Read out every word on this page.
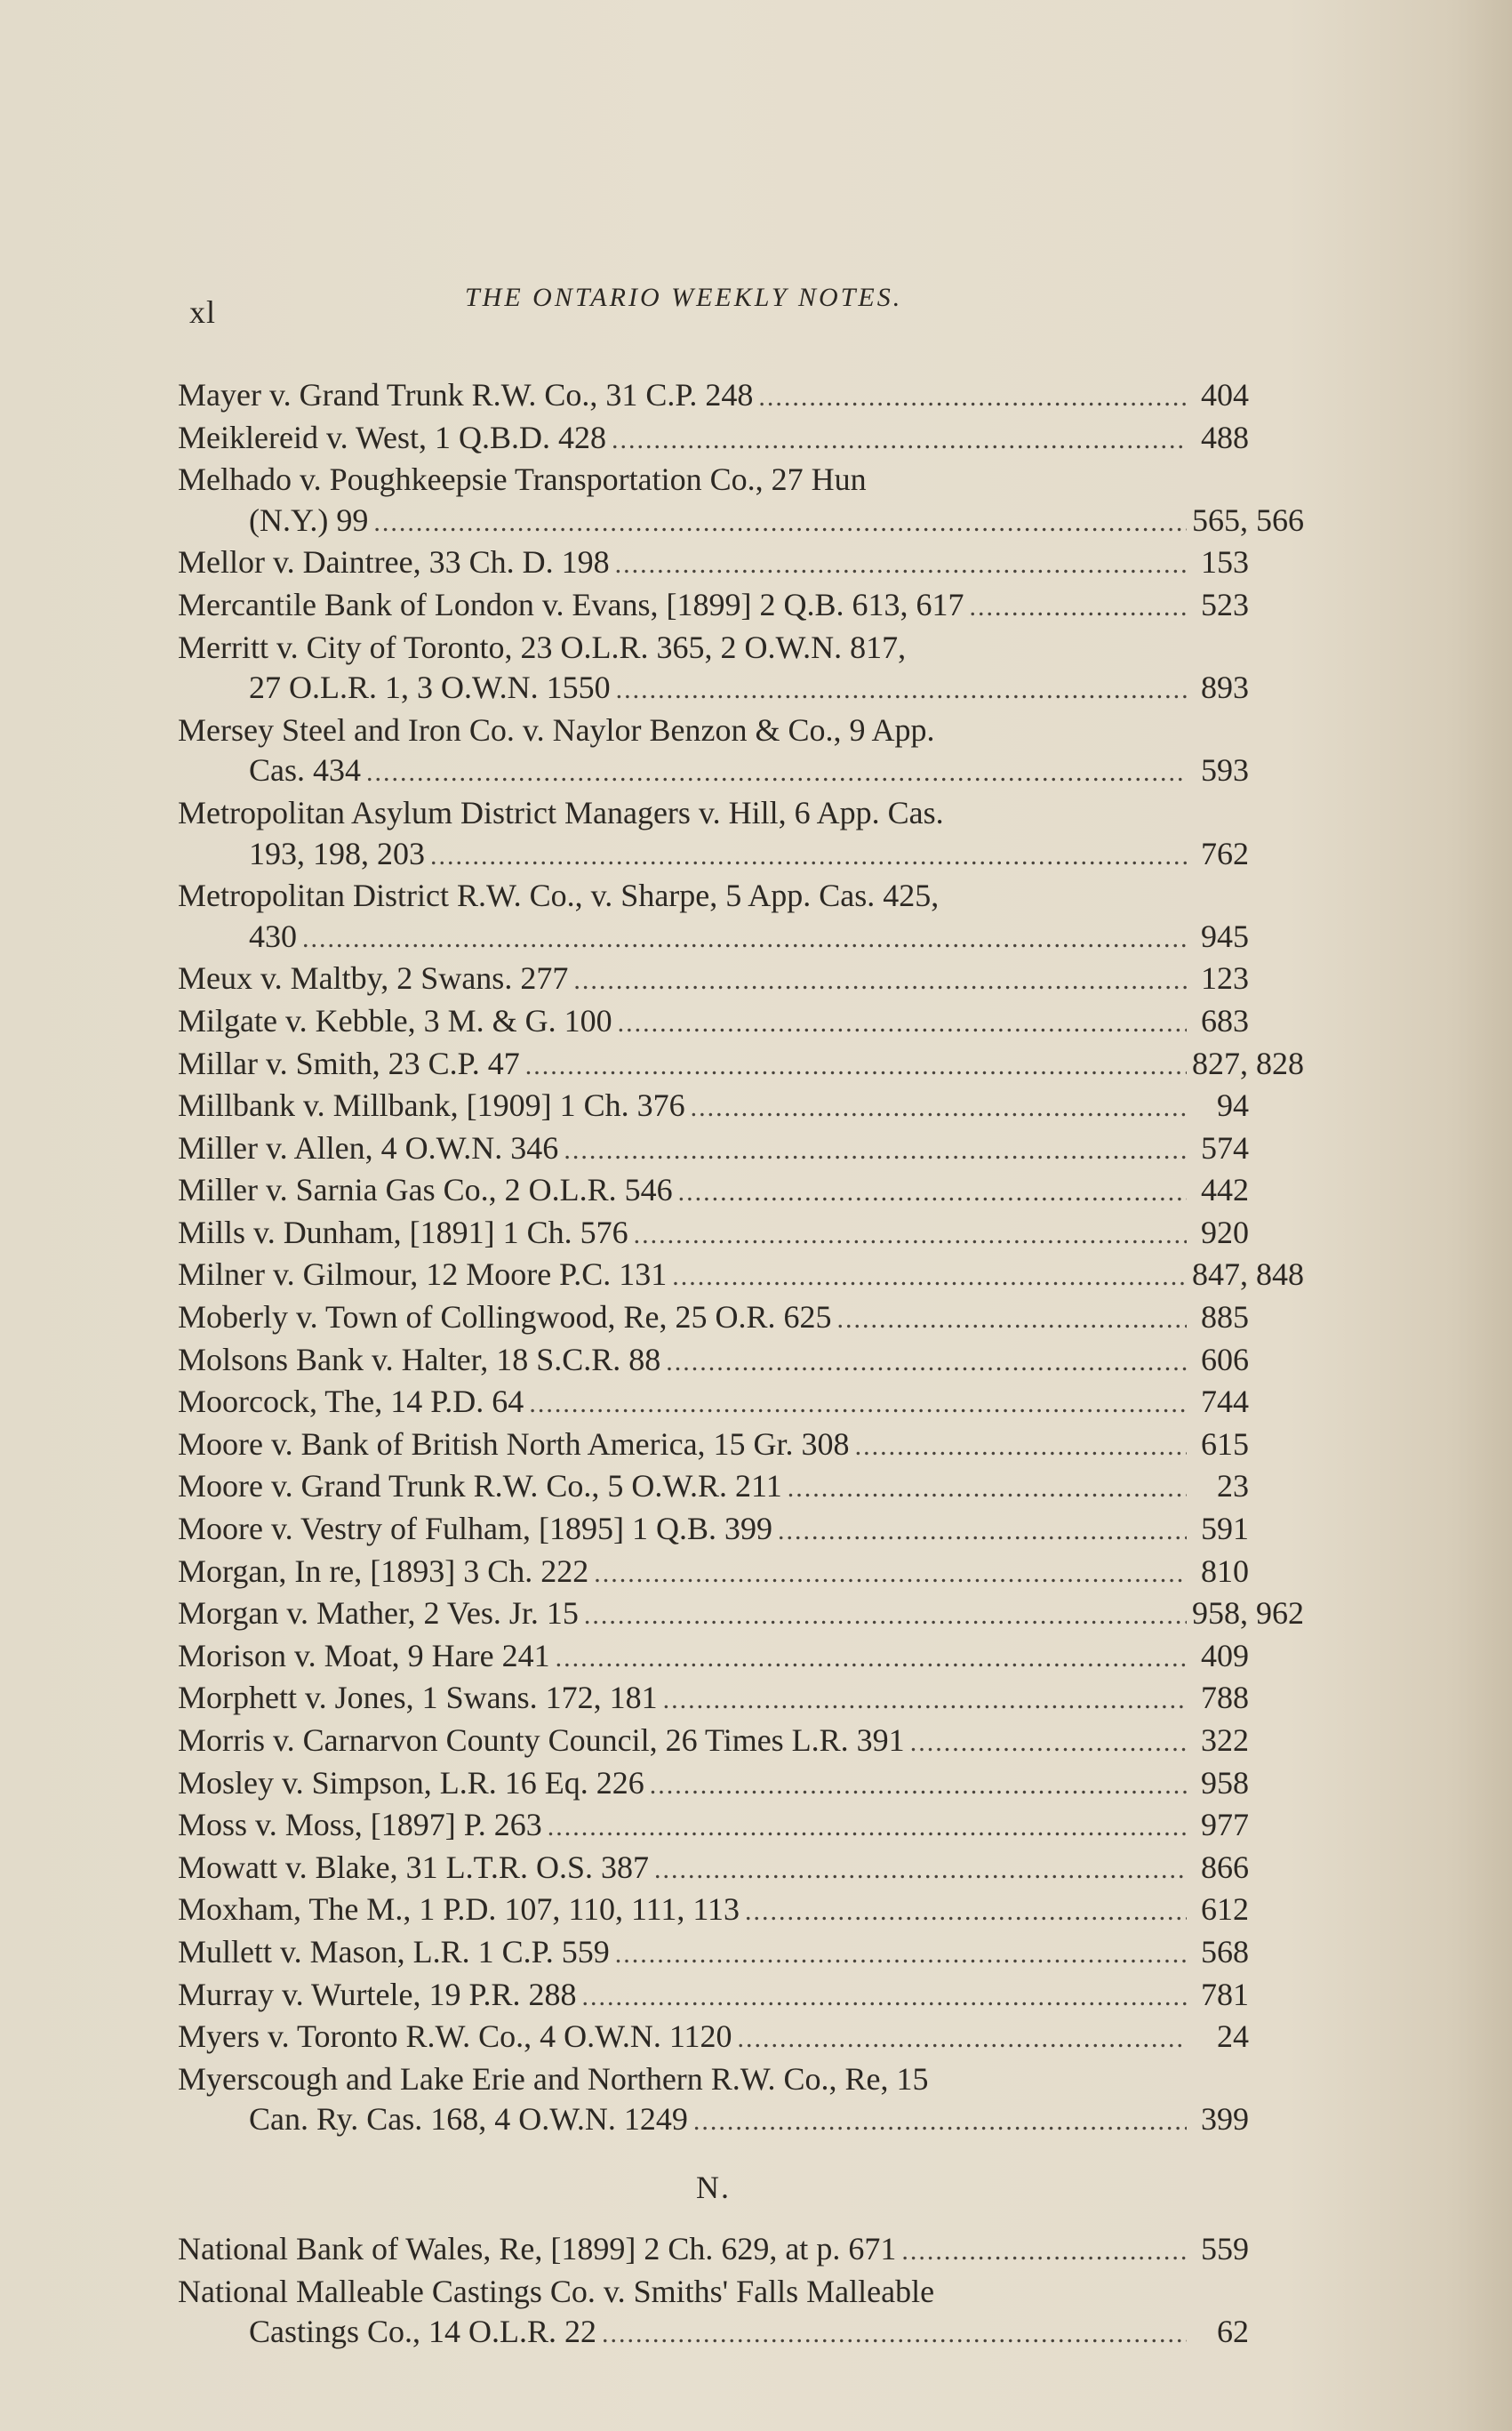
xl	THE ONTARIO WEEKLY NOTES.
Mayer v. Grand Trunk R.W. Co., 31 C.P. 248 .....	404
Meiklereid v. West, 1 Q.B.D. 428 .....	488
Melhado v. Poughkeepsie Transportation Co., 27 Hun
(N.Y.) 99 .....	565, 566
Mellor v. Daintree, 33 Ch. D. 198 .....	153
Mercantile Bank of London v. Evans, [1899] 2 Q.B. 613, 617 .....	523
Merritt v. City of Toronto, 23 O.L.R. 365, 2 O.W.N. 817,
27 O.L.R. 1, 3 O.W.N. 1550 .....	893
Mersey Steel and Iron Co. v. Naylor Benzon & Co., 9 App.
Cas. 434 .....	593
Metropolitan Asylum District Managers v. Hill, 6 App. Cas.
193, 198, 203 .....	762
Metropolitan District R.W. Co., v. Sharpe, 5 App. Cas. 425,
430 .....	945
Meux v. Maltby, 2 Swans. 277 .....	123
Milgate v. Kebble, 3 M. & G. 100 .....	683
Millar v. Smith, 23 C.P. 47 .....	827, 828
Millbank v. Millbank, [1909] 1 Ch. 376 .....	94
Miller v. Allen, 4 O.W.N. 346 .....	574
Miller v. Sarnia Gas Co., 2 O.L.R. 546 .....	442
Mills v. Dunham, [1891] 1 Ch. 576 .....	920
Milner v. Gilmour, 12 Moore P.C. 131 .....	847, 848
Moberly v. Town of Collingwood, Re, 25 O.R. 625 .....	885
Molsons Bank v. Halter, 18 S.C.R. 88 .....	606
Moorcock, The, 14 P.D. 64 .....	744
Moore v. Bank of British North America, 15 Gr. 308 .....	615
Moore v. Grand Trunk R.W. Co., 5 O.W.R. 211 .....	23
Moore v. Vestry of Fulham, [1895] 1 Q.B. 399 .....	591
Morgan, In re, [1893] 3 Ch. 222 .....	810
Morgan v. Mather, 2 Ves. Jr. 15 .....	958, 962
Morison v. Moat, 9 Hare 241 .....	409
Morphett v. Jones, 1 Swans. 172, 181 .....	788
Morris v. Carnarvon County Council, 26 Times L.R. 391 .....	322
Mosley v. Simpson, L.R. 16 Eq. 226 .....	958
Moss v. Moss, [1897] P. 263 .....	977
Mowatt v. Blake, 31 L.T.R. O.S. 387 .....	866
Moxham, The M., 1 P.D. 107, 110, 111, 113 .....	612
Mullett v. Mason, L.R. 1 C.P. 559 .....	568
Murray v. Wurtele, 19 P.R. 288 .....	781
Myers v. Toronto R.W. Co., 4 O.W.N. 1120 .....	24
Myerscough and Lake Erie and Northern R.W. Co., Re, 15
Can. Ry. Cas. 168, 4 O.W.N. 1249 .....	399
N.
National Bank of Wales, Re, [1899] 2 Ch. 629, at p. 671 .....	559
National Malleable Castings Co. v. Smiths' Falls Malleable
Castings Co., 14 O.L.R. 22 .....	62
